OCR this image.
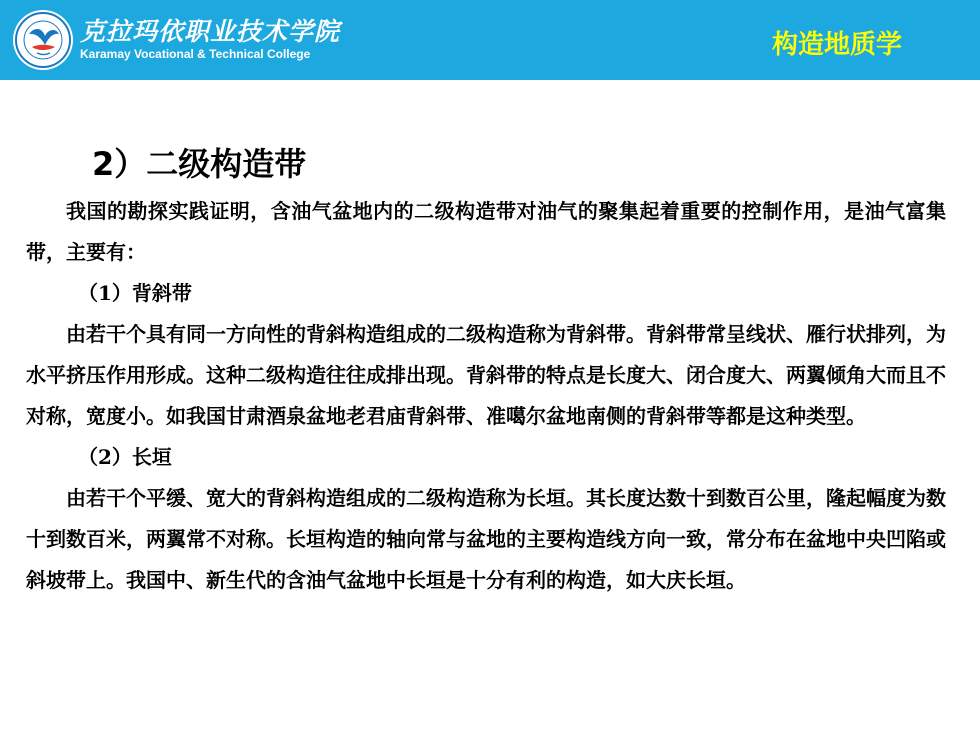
克拉玛依职业技术学院
Karamay Vocational & Technical College	构造地质学
2）二级构造带

我国的勘探实践证明，含油气盆地内的二级构造带对油气的聚集起着重要的控制作用，是油气富集带，主要有：

（1）背斜带

由若干个具有同一方向性的背斜构造组成的二级构造称为背斜带。背斜带常呈线状、雁行状排列，为水平挤压作用形成。这种二级构造往往成排出现。背斜带的特点是长度大、闭合度大、两翼倾角大而且不对称，宽度小。如我国甘肃酒泉盆地老君庙背斜带、准噶尔盆地南侧的背斜带等都是这种类型。

（2）长垣

由若干个平缓、宽大的背斜构造组成的二级构造称为长垣。其长度达数十到数百公里，隆起幅度为数十到数百米，两翼常不对称。长垣构造的轴向常与盆地的主要构造线方向一致，常分布在盆地中央凹陷或斜坡带上。我国中、新生代的含油气盆地中长垣是十分有利的构造，如大庆长垣。
